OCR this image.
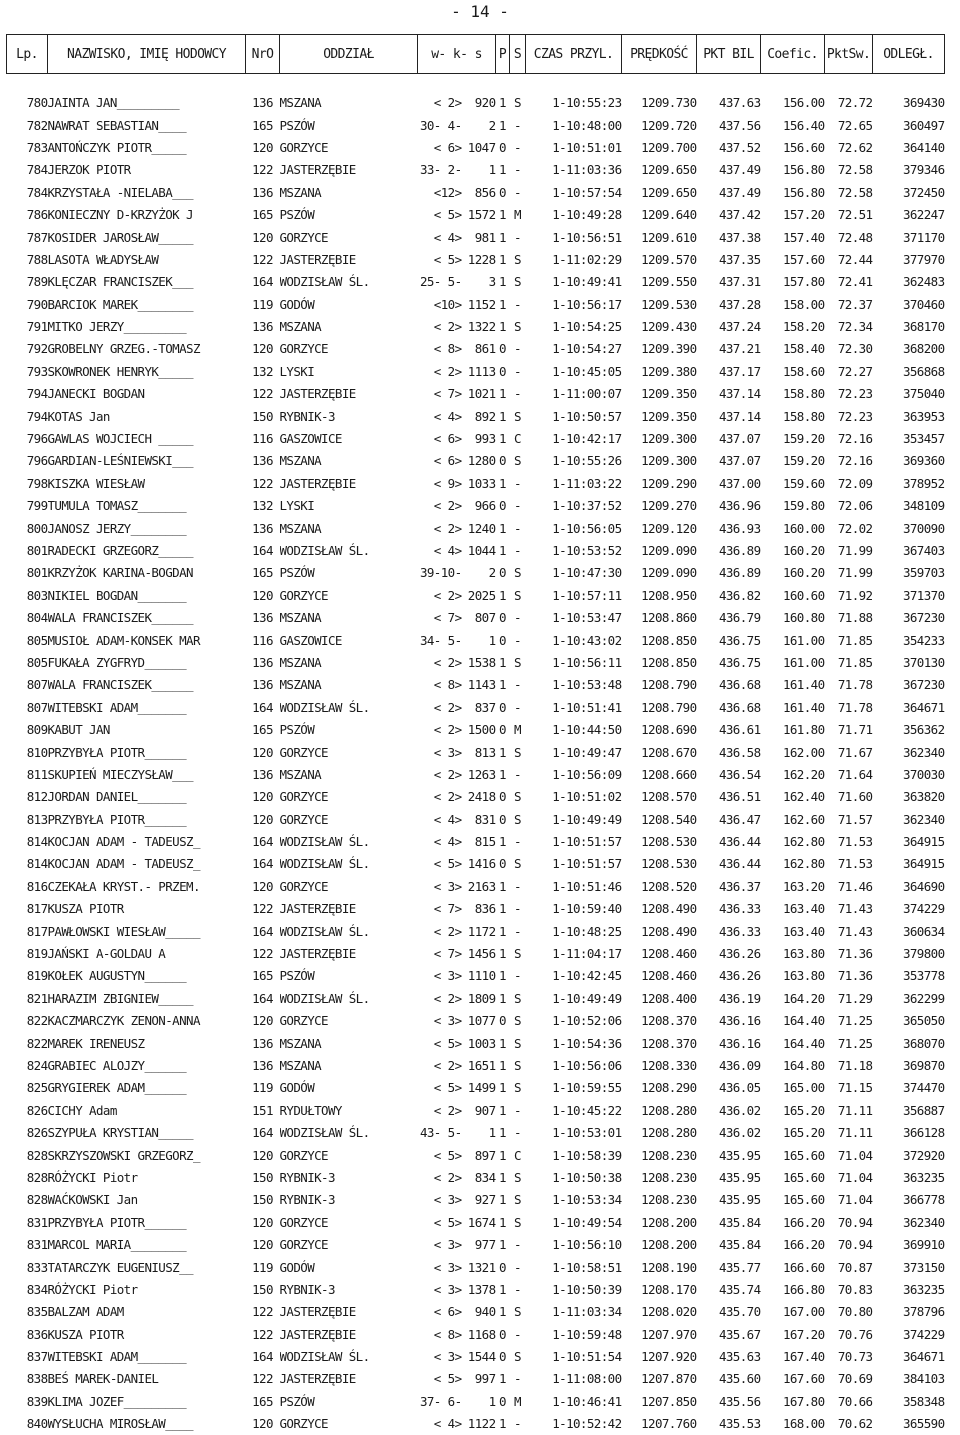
- 14 -
Lp.	NAZWISKO, IMIĘ HODOWCY	NrO	ODDZIAŁ	w- k- s		P	S	CZAS PRZYL.	PRĘDKOŚĆ	PKT BIL	Coefic.	PktSw.	ODLEGŁ.

780	JAINTA JAN_________	136	MSZANA	< 2>	920	1	S	1-10:55:23	1209.730	437.63	156.00	72.72	369430
782	NAWRAT SEBASTIAN____	165	PSZÓW	30- 4-	2	1	-	1-10:48:00	1209.720	437.56	156.40	72.65	360497
783	ANTOŃCZYK PIOTR_____	120	GORZYCE	< 6>	1047	0	-	1-10:51:01	1209.700	437.52	156.60	72.62	364140
784	JERZOK PIOTR	122	JASTERZĘBIE	33- 2-	1	1	-	1-11:03:36	1209.650	437.49	156.80	72.58	379346
784	KRZYSTAŁA -NIELABA___	136	MSZANA	<12>	856	0	-	1-10:57:54	1209.650	437.49	156.80	72.58	372450
786	KONIECZNY D-KRZYŻOK J	165	PSZÓW	< 5>	1572	1	M	1-10:49:28	1209.640	437.42	157.20	72.51	362247
787	KOSIDER JAROSŁAW_____	120	GORZYCE	< 4>	981	1	-	1-10:56:51	1209.610	437.38	157.40	72.48	371170
788	LASOTA WŁADYSŁAW	122	JASTERZĘBIE	< 5>	1228	1	S	1-11:02:29	1209.570	437.35	157.60	72.44	377970
789	KLĘCZAR FRANCISZEK___	164	WODZISŁAW ŚL.	25- 5-	3	1	S	1-10:49:41	1209.550	437.31	157.80	72.41	362483
790	BARCIOK MAREK________	119	GODÓW	<10>	1152	1	-	1-10:56:17	1209.530	437.28	158.00	72.37	370460
791	MITKO JERZY_________	136	MSZANA	< 2>	1322	1	S	1-10:54:25	1209.430	437.24	158.20	72.34	368170
792	GROBELNY GRZEG.-TOMASZ	120	GORZYCE	< 8>	861	0	-	1-10:54:27	1209.390	437.21	158.40	72.30	368200
793	SKOWRONEK HENRYK_____	132	LYSKI	< 2>	1113	0	-	1-10:45:05	1209.380	437.17	158.60	72.27	356868
794	JANECKI BOGDAN	122	JASTERZĘBIE	< 7>	1021	1	-	1-11:00:07	1209.350	437.14	158.80	72.23	375040
794	KOTAS Jan	150	RYBNIK-3	< 4>	892	1	S	1-10:50:57	1209.350	437.14	158.80	72.23	363953
796	GAWLAS WOJCIECH _____	116	GASZOWICE	< 6>	993	1	C	1-10:42:17	1209.300	437.07	159.20	72.16	353457
796	GARDIAN-LEŚNIEWSKI___	136	MSZANA	< 6>	1280	0	S	1-10:55:26	1209.300	437.07	159.20	72.16	369360
798	KISZKA WIESŁAW	122	JASTERZĘBIE	< 9>	1033	1	-	1-11:03:22	1209.290	437.00	159.60	72.09	378952
799	TUMULA TOMASZ_______	132	LYSKI	< 2>	966	0	-	1-10:37:52	1209.270	436.96	159.80	72.06	348109
800	JANOSZ JERZY________	136	MSZANA	< 2>	1240	1	-	1-10:56:05	1209.120	436.93	160.00	72.02	370090
801	RADECKI GRZEGORZ_____	164	WODZISŁAW ŚL.	< 4>	1044	1	-	1-10:53:52	1209.090	436.89	160.20	71.99	367403
801	KRZYŻOK KARINA-BOGDAN	165	PSZÓW	39-10-	2	0	S	1-10:47:30	1209.090	436.89	160.20	71.99	359703
803	NIKIEL BOGDAN_______	120	GORZYCE	< 2>	2025	1	S	1-10:57:11	1208.950	436.82	160.60	71.92	371370
804	WALA FRANCISZEK______	136	MSZANA	< 7>	807	0	-	1-10:53:47	1208.860	436.79	160.80	71.88	367230
805	MUSIOŁ ADAM-KONSEK MAR	116	GASZOWICE	34- 5-	1	0	-	1-10:43:02	1208.850	436.75	161.00	71.85	354233
805	FUKAŁA ZYGFRYD______	136	MSZANA	< 2>	1538	1	S	1-10:56:11	1208.850	436.75	161.00	71.85	370130
807	WALA FRANCISZEK______	136	MSZANA	< 8>	1143	1	-	1-10:53:48	1208.790	436.68	161.40	71.78	367230
807	WITEBSKI ADAM_______	164	WODZISŁAW ŚL.	< 2>	837	0	-	1-10:51:41	1208.790	436.68	161.40	71.78	364671
809	KABUT JAN	165	PSZÓW	< 2>	1500	0	M	1-10:44:50	1208.690	436.61	161.80	71.71	356362
810	PRZYBYŁA PIOTR______	120	GORZYCE	< 3>	813	1	S	1-10:49:47	1208.670	436.58	162.00	71.67	362340
811	SKUPIEŃ MIECZYSŁAW___	136	MSZANA	< 2>	1263	1	-	1-10:56:09	1208.660	436.54	162.20	71.64	370030
812	JORDAN DANIEL_______	120	GORZYCE	< 2>	2418	0	S	1-10:51:02	1208.570	436.51	162.40	71.60	363820
813	PRZYBYŁA PIOTR______	120	GORZYCE	< 4>	831	0	S	1-10:49:49	1208.540	436.47	162.60	71.57	362340
814	KOCJAN ADAM - TADEUSZ_	164	WODZISŁAW ŚL.	< 4>	815	1	-	1-10:51:57	1208.530	436.44	162.80	71.53	364915
814	KOCJAN ADAM - TADEUSZ_	164	WODZISŁAW ŚL.	< 5>	1416	0	S	1-10:51:57	1208.530	436.44	162.80	71.53	364915
816	CZEKAŁA KRYST.- PRZEM.	120	GORZYCE	< 3>	2163	1	-	1-10:51:46	1208.520	436.37	163.20	71.46	364690
817	KUSZA PIOTR	122	JASTERZĘBIE	< 7>	836	1	-	1-10:59:40	1208.490	436.33	163.40	71.43	374229
817	PAWŁOWSKI WIESŁAW_____	164	WODZISŁAW ŚL.	< 2>	1172	1	-	1-10:48:25	1208.490	436.33	163.40	71.43	360634
819	JAŃSKI A-GOLDAU A	122	JASTERZĘBIE	< 7>	1456	1	S	1-11:04:17	1208.460	436.26	163.80	71.36	379800
819	KOŁEK AUGUSTYN______	165	PSZÓW	< 3>	1110	1	-	1-10:42:45	1208.460	436.26	163.80	71.36	353778
821	HARAZIM ZBIGNIEW_____	164	WODZISŁAW ŚL.	< 2>	1809	1	S	1-10:49:49	1208.400	436.19	164.20	71.29	362299
822	KACZMARCZYK ZENON-ANNA	120	GORZYCE	< 3>	1077	0	S	1-10:52:06	1208.370	436.16	164.40	71.25	365050
822	MAREK IRENEUSZ	136	MSZANA	< 5>	1003	1	S	1-10:54:36	1208.370	436.16	164.40	71.25	368070
824	GRABIEC ALOJZY______	136	MSZANA	< 2>	1651	1	S	1-10:56:06	1208.330	436.09	164.80	71.18	369870
825	GRYGIEREK ADAM______	119	GODÓW	< 5>	1499	1	S	1-10:59:55	1208.290	436.05	165.00	71.15	374470
826	CICHY Adam	151	RYDUŁTOWY	< 2>	907	1	-	1-10:45:22	1208.280	436.02	165.20	71.11	356887
826	SZYPUŁA KRYSTIAN_____	164	WODZISŁAW ŚL.	43- 5-	1	1	-	1-10:53:01	1208.280	436.02	165.20	71.11	366128
828	SKRZYSZOWSKI GRZEGORZ_	120	GORZYCE	< 5>	897	1	C	1-10:58:39	1208.230	435.95	165.60	71.04	372920
828	RÓŻYCKI Piotr	150	RYBNIK-3	< 2>	834	1	S	1-10:50:38	1208.230	435.95	165.60	71.04	363235
828	WAĆKOWSKI Jan	150	RYBNIK-3	< 3>	927	1	S	1-10:53:34	1208.230	435.95	165.60	71.04	366778
831	PRZYBYŁA PIOTR______	120	GORZYCE	< 5>	1674	1	S	1-10:49:54	1208.200	435.84	166.20	70.94	362340
831	MARCOL MARIA________	120	GORZYCE	< 3>	977	1	-	1-10:56:10	1208.200	435.84	166.20	70.94	369910
833	TATARCZYK EUGENIUSZ__	119	GODÓW	< 3>	1321	0	-	1-10:58:51	1208.190	435.77	166.60	70.87	373150
834	RÓŻYCKI Piotr	150	RYBNIK-3	< 3>	1378	1	-	1-10:50:39	1208.170	435.74	166.80	70.83	363235
835	BALZAM ADAM	122	JASTERZĘBIE	< 6>	940	1	S	1-11:03:34	1208.020	435.70	167.00	70.80	378796
836	KUSZA PIOTR	122	JASTERZĘBIE	< 8>	1168	0	-	1-10:59:48	1207.970	435.67	167.20	70.76	374229
837	WITEBSKI ADAM_______	164	WODZISŁAW ŚL.	< 3>	1544	0	S	1-10:51:54	1207.920	435.63	167.40	70.73	364671
838	BEŚ MAREK-DANIEL	122	JASTERZĘBIE	< 5>	997	1	-	1-11:08:00	1207.870	435.60	167.60	70.69	384103
839	KLIMA JOZEF_________	165	PSZÓW	37- 6-	1	0	M	1-10:46:41	1207.850	435.56	167.80	70.66	358348
840	WYSŁUCHA MIROSŁAW____	120	GORZYCE	< 4>	1122	1	-	1-10:52:42	1207.760	435.53	168.00	70.62	365590
